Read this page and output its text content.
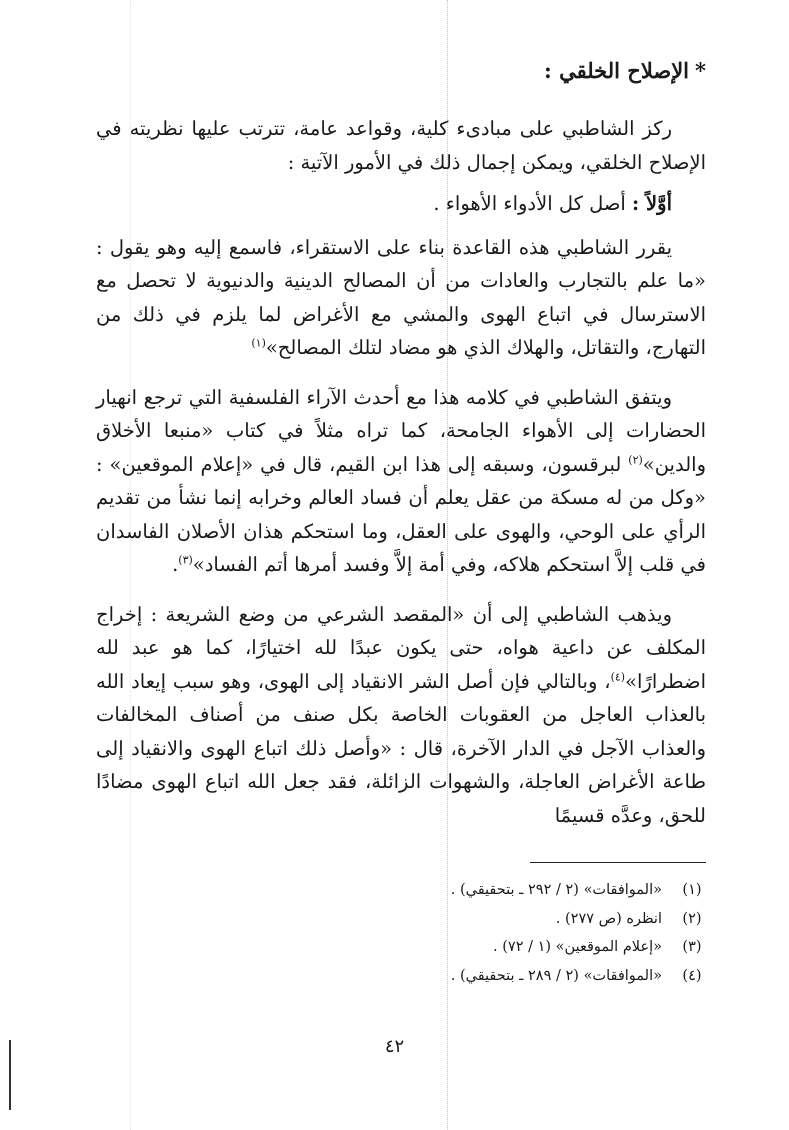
*الإصلاح الخلقي :

ركز الشاطبي على مبادىء كلية، وقواعد عامة، تترتب عليها نظريته في الإصلاح الخلقي، ويمكن إجمال ذلك في الأمور الآتية :

أوَّلاً : أصل كل الأدواء الأهواء .

يقرر الشاطبي هذه القاعدة بناء على الاستقراء، فاسمع إليه وهو يقول : «ما علم بالتجارب والعادات من أن المصالح الدينية والدنيوية لا تحصل مع الاسترسال في اتباع الهوى والمشي مع الأغراض لما يلزم في ذلك من التهارج، والتقاتل، والهلاك الذي هو مضاد لتلك المصالح»$^{(١)}$

ويتفق الشاطبي في كلامه هذا مع أحدث الآراء الفلسفية التي ترجع انهيار الحضارات إلى الأهواء الجامحة، كما تراه مثلاً في كتاب «منبعا الأخلاق والدين»$^{(٢)}$ لبرقسون، وسبقه إلى هذا ابن القيم، قال في «إعلام الموقعين» : «وكل من له مسكة من عقل يعلم أن فساد العالم وخرابه إنما نشأ من تقديم الرأي على الوحي، والهوى على العقل، وما استحكم هذان الأصلان الفاسدان في قلب إلاَّ استحكم هلاكه، وفي أمة إلاَّ وفسد أمرها أتم الفساد»$^{(٣)}$.

ويذهب الشاطبي إلى أن «المقصد الشرعي من وضع الشريعة : إخراج المكلف عن داعية هواه، حتى يكون عبدًا لله اختيارًا، كما هو عبد لله اضطرارًا»$^{(٤)}$، وبالتالي فإن أصل الشر الانقياد إلى الهوى، وهو سبب إيعاد الله بالعذاب العاجل من العقوبات الخاصة بكل صنف من أصناف المخالفات والعذاب الآجل في الدار الآخرة، قال : «وأصل ذلك اتباع الهوى والانقياد إلى طاعة الأغراض العاجلة، والشهوات الزائلة، فقد جعل الله اتباع الهوى مضادًا للحق، وعدَّه قسيمًا

(١)
«الموافقات» (٢ / ٢٩٢ ـ بتحقيقي) .
(٢)
انظره (ص ٢٧٧) .
(٣)
«إعلام الموقعين» (١ / ٧٢) .
(٤)
«الموافقات» (٢ / ٢٨٩ ـ بتحقيقي) .
٤٢
